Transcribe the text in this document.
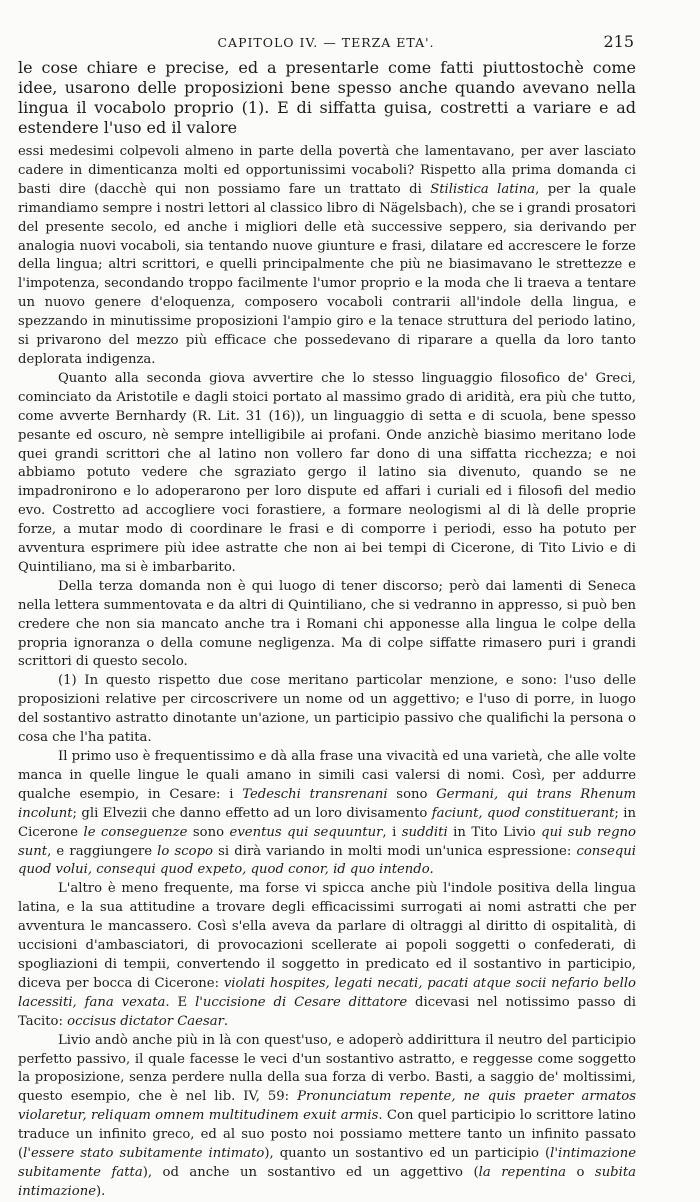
CAPITOLO IV. — TERZA ETA'.	215

le cose chiare e precise, ed a presentarle come fatti piuttostochè come idee, usarono delle proposizioni bene spesso anche quando avevano nella lingua il vocabolo proprio (1). E di siffatta guisa, costretti a variare e ad estendere l'uso ed il valore

essi medesimi colpevoli almeno in parte della povertà che lamentavano, per aver lasciato cadere in dimenticanza molti ed opportunissimi vocaboli? Rispetto alla prima domanda ci basti dire (dacchè qui non possiamo fare un trattato di Stilistica latina, per la quale rimandiamo sempre i nostri lettori al classico libro di Nägelsbach), che se i grandi prosatori del presente secolo, ed anche i migliori delle età successive seppero, sia derivando per analogia nuovi vocaboli, sia tentando nuove giunture e frasi, dilatare ed accrescere le forze della lingua; altri scrittori, e quelli principalmente che più ne biasimavano le strettezze e l'impotenza, secondando troppo facilmente l'umor proprio e la moda che li traeva a tentare un nuovo genere d'eloquenza, composero vocaboli contrarii all'indole della lingua, e spezzando in minutissime proposizioni l'ampio giro e la tenace struttura del periodo latino, si privarono del mezzo più efficace che possedevano di riparare a quella da loro tanto deplorata indigenza.

Quanto alla seconda giova avvertire che lo stesso linguaggio filosofico de' Greci, cominciato da Aristotile e dagli stoici portato al massimo grado di aridità, era più che tutto, come avverte Bernhardy (R. Lit. 31 (16)), un linguaggio di setta e di scuola, bene spesso pesante ed oscuro, nè sempre intelligibile ai profani. Onde anzichè biasimo meritano lode quei grandi scrittori che al latino non vollero far dono di una siffatta ricchezza; e noi abbiamo potuto vedere che sgraziato gergo il latino sia divenuto, quando se ne impadronirono e lo adoperarono per loro dispute ed affari i curiali ed i filosofi del medio evo. Costretto ad accogliere voci forastiere, a formare neologismi al di là delle proprie forze, a mutar modo di coordinare le frasi e di comporre i periodi, esso ha potuto per avventura esprimere più idee astratte che non ai bei tempi di Cicerone, di Tito Livio e di Quintiliano, ma si è imbarbarito.

Della terza domanda non è qui luogo di tener discorso; però dai lamenti di Seneca nella lettera summentovata e da altri di Quintiliano, che si vedranno in appresso, si può ben credere che non sia mancato anche tra i Romani chi apponesse alla lingua le colpe della propria ignoranza o della comune negligenza. Ma di colpe siffatte rimasero puri i grandi scrittori di questo secolo.

(1) In questo rispetto due cose meritano particolar menzione, e sono: l'uso delle proposizioni relative per circoscrivere un nome od un aggettivo; e l'uso di porre, in luogo del sostantivo astratto dinotante un'azione, un participio passivo che qualifichi la persona o cosa che l'ha patita.

Il primo uso è frequentissimo e dà alla frase una vivacità ed una varietà, che alle volte manca in quelle lingue le quali amano in simili casi valersi di nomi. Così, per addurre qualche esempio, in Cesare: i Tedeschi transrenani sono Germani, qui trans Rhenum incolunt; gli Elvezii che danno effetto ad un loro divisamento faciunt, quod constituerant; in Cicerone le conseguenze sono eventus qui sequuntur, i sudditi in Tito Livio qui sub regno sunt, e raggiungere lo scopo si dirà variando in molti modi un'unica espressione: consequi quod volui, consequi quod expeto, quod conor, id quo intendo.

L'altro è meno frequente, ma forse vi spicca anche più l'indole positiva della lingua latina, e la sua attitudine a trovare degli efficacissimi surrogati ai nomi astratti che per avventura le mancassero. Così s'ella aveva da parlare di oltraggi al diritto di ospitalità, di uccisioni d'ambasciatori, di provocazioni scellerate ai popoli soggetti o confederati, di spogliazioni di tempii, convertendo il soggetto in predicato ed il sostantivo in participio, diceva per bocca di Cicerone: violati hospites, legati necati, pacati atque socii nefario bello lacessiti, fana vexata. E l'uccisione di Cesare dittatore dicevasi nel notissimo passo di Tacito: occisus dictator Caesar.

Livio andò anche più in là con quest'uso, e adoperò addirittura il neutro del participio perfetto passivo, il quale facesse le veci d'un sostantivo astratto, e reggesse come soggetto la proposizione, senza perdere nulla della sua forza di verbo. Basti, a saggio de' moltissimi, questo esempio, che è nel lib. IV, 59: Pronunciatum repente, ne quis praeter armatos violaretur, reliquam omnem multitudinem exuit armis. Con quel participio lo scrittore latino traduce un infinito greco, ed al suo posto noi possiamo mettere tanto un infinito passato (l'essere stato subitamente intimato), quanto un sostantivo ed un participio (l'intimazione subitamente fatta), od anche un sostantivo ed un aggettivo (la repentina o subita intimazione).
